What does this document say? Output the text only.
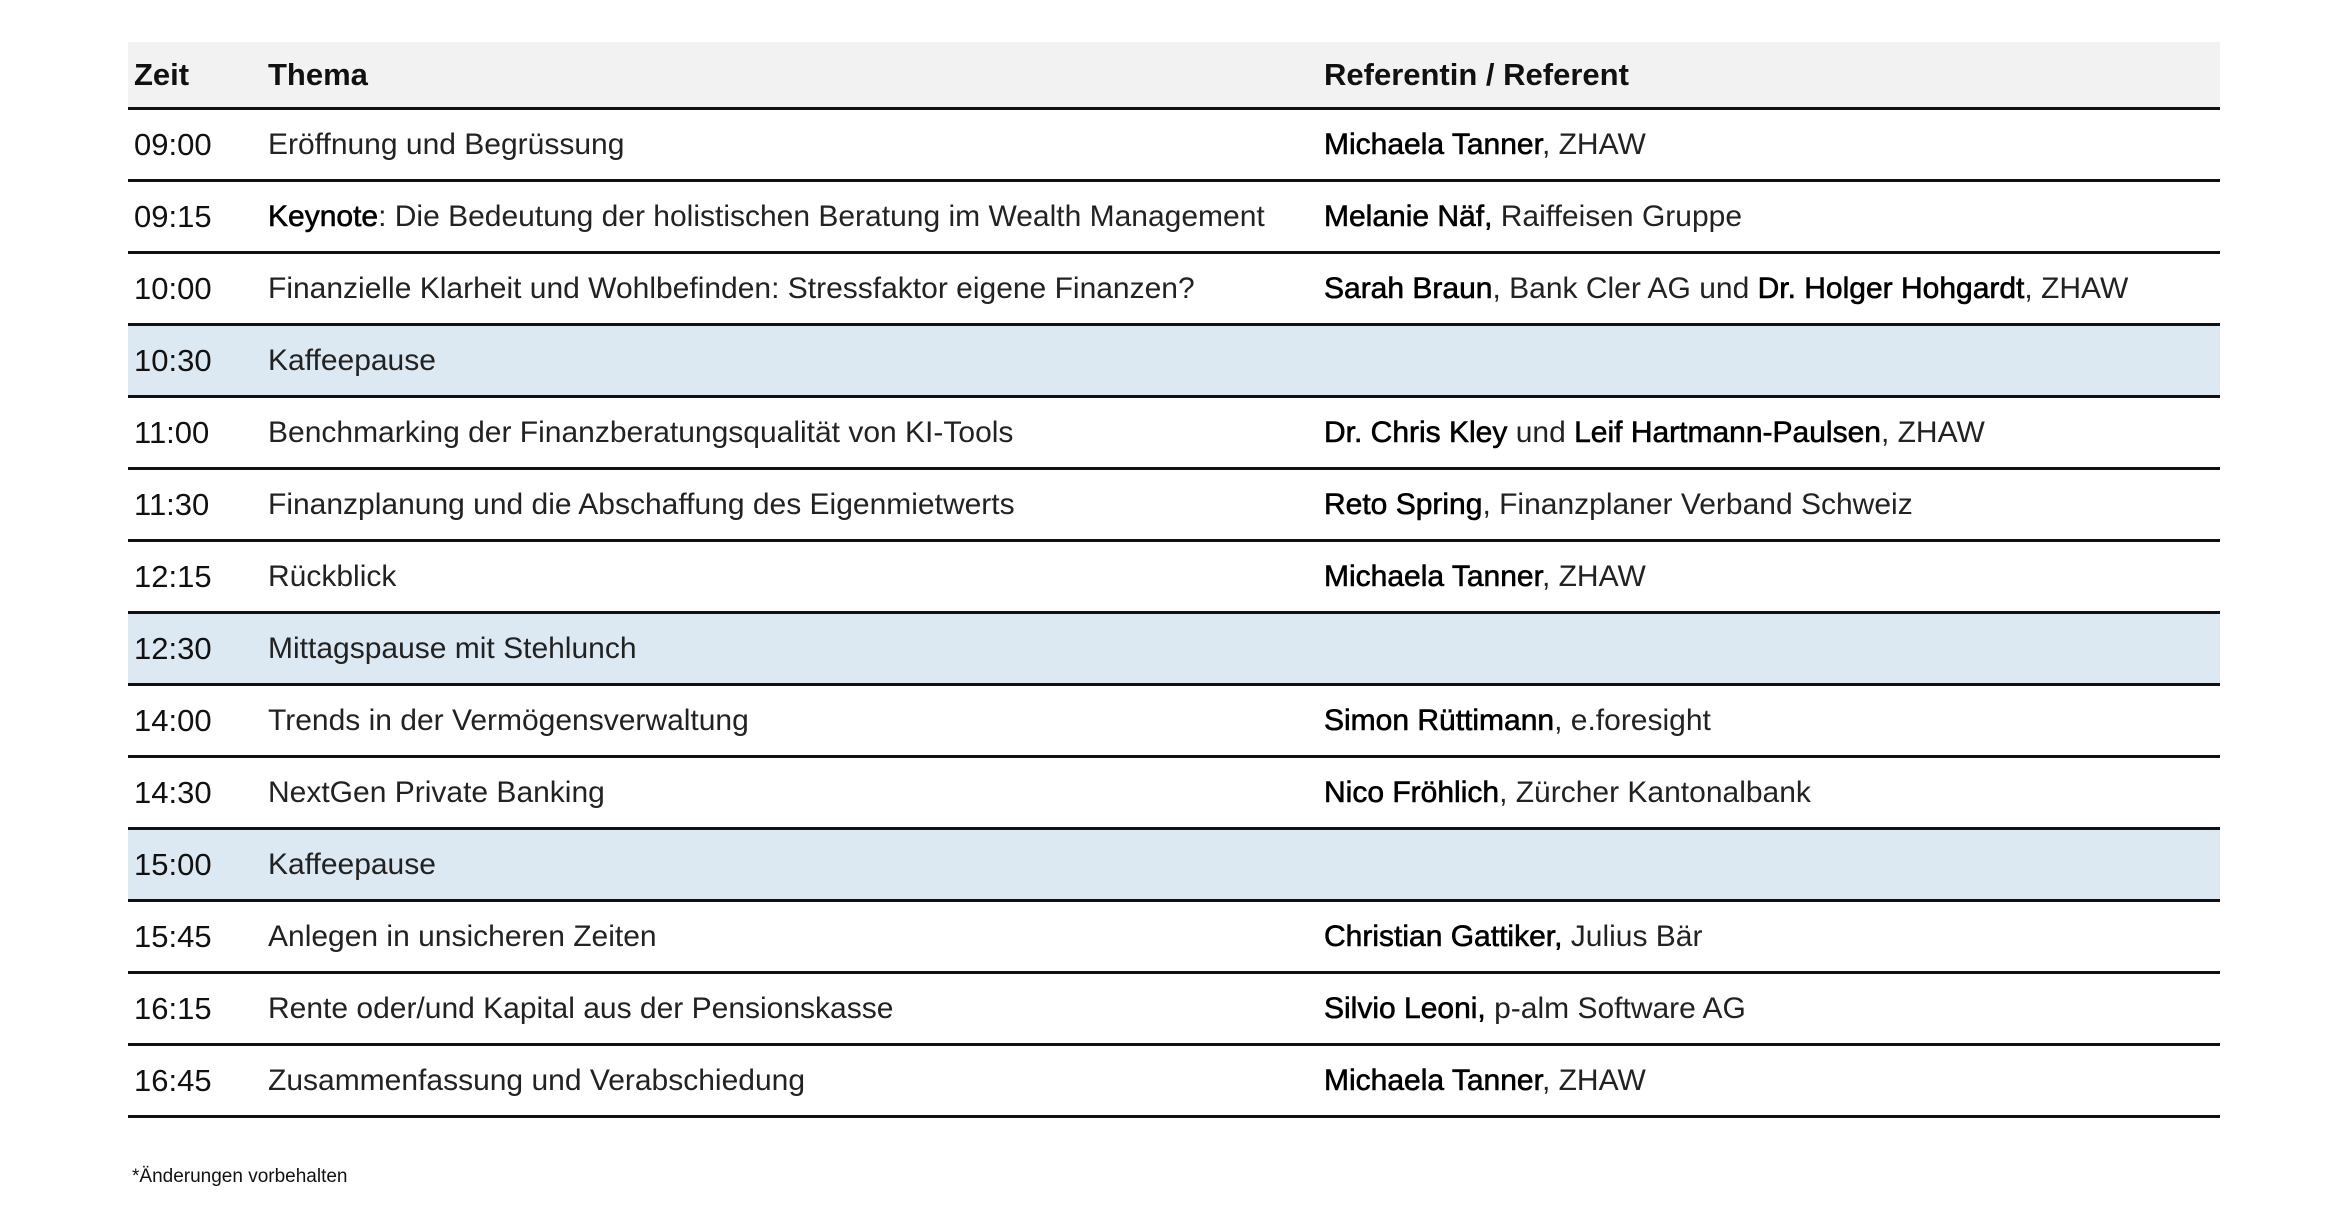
Zeit	Thema	Referentin / Referent
09:00	Eröffnung und Begrüssung	Michaela Tanner, ZHAW
09:15	Keynote: Die Bedeutung der holistischen Beratung im Wealth Management	Melanie Näf, Raiffeisen Gruppe
10:00	Finanzielle Klarheit und Wohlbefinden: Stressfaktor eigene Finanzen?	Sarah Braun, Bank Cler AG und Dr. Holger Hohgardt, ZHAW
10:30	Kaffeepause
11:00	Benchmarking der Finanzberatungsqualität von KI-Tools	Dr. Chris Kley und Leif Hartmann-Paulsen, ZHAW
11:30	Finanzplanung und die Abschaffung des Eigenmietwerts	Reto Spring, Finanzplaner Verband Schweiz
12:15	Rückblick	Michaela Tanner, ZHAW
12:30	Mittagspause mit Stehlunch
14:00	Trends in der Vermögensverwaltung	Simon Rüttimann, e.foresight
14:30	NextGen Private Banking	Nico Fröhlich, Zürcher Kantonalbank
15:00	Kaffeepause
15:45	Anlegen in unsicheren Zeiten	Christian Gattiker, Julius Bär
16:15	Rente oder/und Kapital aus der Pensionskasse	Silvio Leoni, p-alm Software AG
16:45	Zusammenfassung und Verabschiedung	Michaela Tanner, ZHAW
*Änderungen vorbehalten
